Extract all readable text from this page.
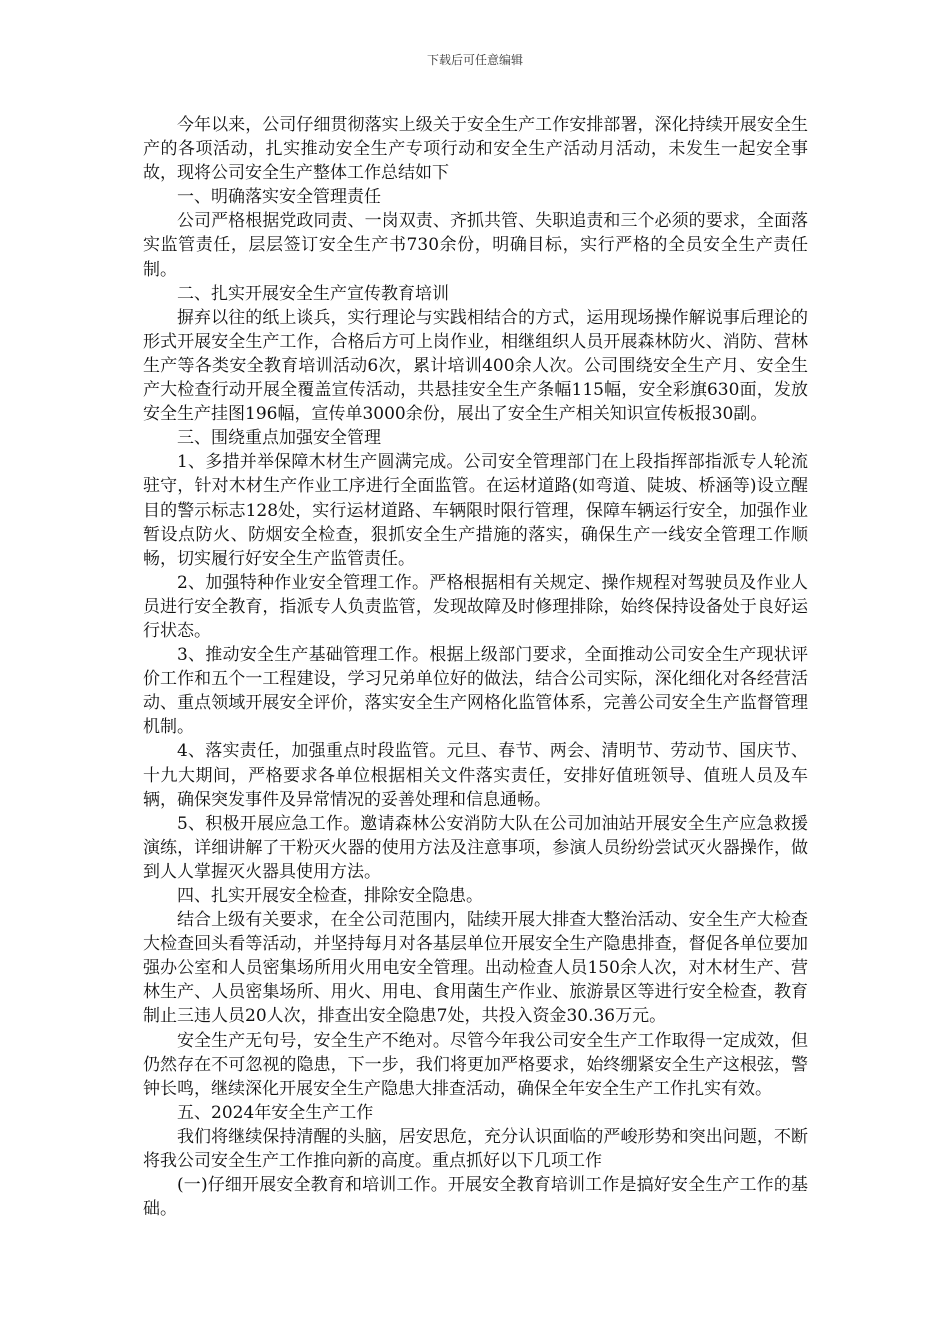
下载后可任意编辑

今年以来，公司仔细贯彻落实上级关于安全生产工作安排部署，深化持续开展安全生产的各项活动，扎实推动安全生产专项行动和安全生产活动月活动，未发生一起安全事故，现将公司安全生产整体工作总结如下

一、明确落实安全管理责任

公司严格根据党政同责、一岗双责、齐抓共管、失职追责和三个必须的要求，全面落实监管责任，层层签订安全生产书730余份，明确目标，实行严格的全员安全生产责任制。

二、扎实开展安全生产宣传教育培训

摒弃以往的纸上谈兵，实行理论与实践相结合的方式，运用现场操作解说事后理论的形式开展安全生产工作，合格后方可上岗作业，相继组织人员开展森林防火、消防、营林生产等各类安全教育培训活动6次，累计培训400余人次。公司围绕安全生产月、安全生产大检查行动开展全覆盖宣传活动，共悬挂安全生产条幅115幅，安全彩旗630面，发放安全生产挂图196幅，宣传单3000余份，展出了安全生产相关知识宣传板报30副。

三、围绕重点加强安全管理

1、多措并举保障木材生产圆满完成。公司安全管理部门在上段指挥部指派专人轮流驻守，针对木材生产作业工序进行全面监管。在运材道路(如弯道、陡坡、桥涵等)设立醒目的警示标志128处，实行运材道路、车辆限时限行管理，保障车辆运行安全，加强作业暂设点防火、防烟安全检查，狠抓安全生产措施的落实，确保生产一线安全管理工作顺畅，切实履行好安全生产监管责任。

2、加强特种作业安全管理工作。严格根据相有关规定、操作规程对驾驶员及作业人员进行安全教育，指派专人负责监管，发现故障及时修理排除，始终保持设备处于良好运行状态。

3、推动安全生产基础管理工作。根据上级部门要求，全面推动公司安全生产现状评价工作和五个一工程建设，学习兄弟单位好的做法，结合公司实际，深化细化对各经营活动、重点领域开展安全评价，落实安全生产网格化监管体系，完善公司安全生产监督管理机制。

4、落实责任，加强重点时段监管。元旦、春节、两会、清明节、劳动节、国庆节、十九大期间，严格要求各单位根据相关文件落实责任，安排好值班领导、值班人员及车辆，确保突发事件及异常情况的妥善处理和信息通畅。

5、积极开展应急工作。邀请森林公安消防大队在公司加油站开展安全生产应急救援演练，详细讲解了干粉灭火器的使用方法及注意事项，参演人员纷纷尝试灭火器操作，做到人人掌握灭火器具使用方法。

四、扎实开展安全检查，排除安全隐患。

结合上级有关要求，在全公司范围内，陆续开展大排查大整治活动、安全生产大检查大检查回头看等活动，并坚持每月对各基层单位开展安全生产隐患排查，督促各单位要加强办公室和人员密集场所用火用电安全管理。出动检查人员150余人次，对木材生产、营林生产、人员密集场所、用火、用电、食用菌生产作业、旅游景区等进行安全检查，教育制止三违人员20人次，排查出安全隐患7处，共投入资金30.36万元。

安全生产无句号，安全生产不绝对。尽管今年我公司安全生产工作取得一定成效，但仍然存在不可忽视的隐患，下一步，我们将更加严格要求，始终绷紧安全生产这根弦，警钟长鸣，继续深化开展安全生产隐患大排查活动，确保全年安全生产工作扎实有效。

五、2024年安全生产工作

我们将继续保持清醒的头脑，居安思危，充分认识面临的严峻形势和突出问题，不断将我公司安全生产工作推向新的高度。重点抓好以下几项工作

(一)仔细开展安全教育和培训工作。开展安全教育培训工作是搞好安全生产工作的基础。
